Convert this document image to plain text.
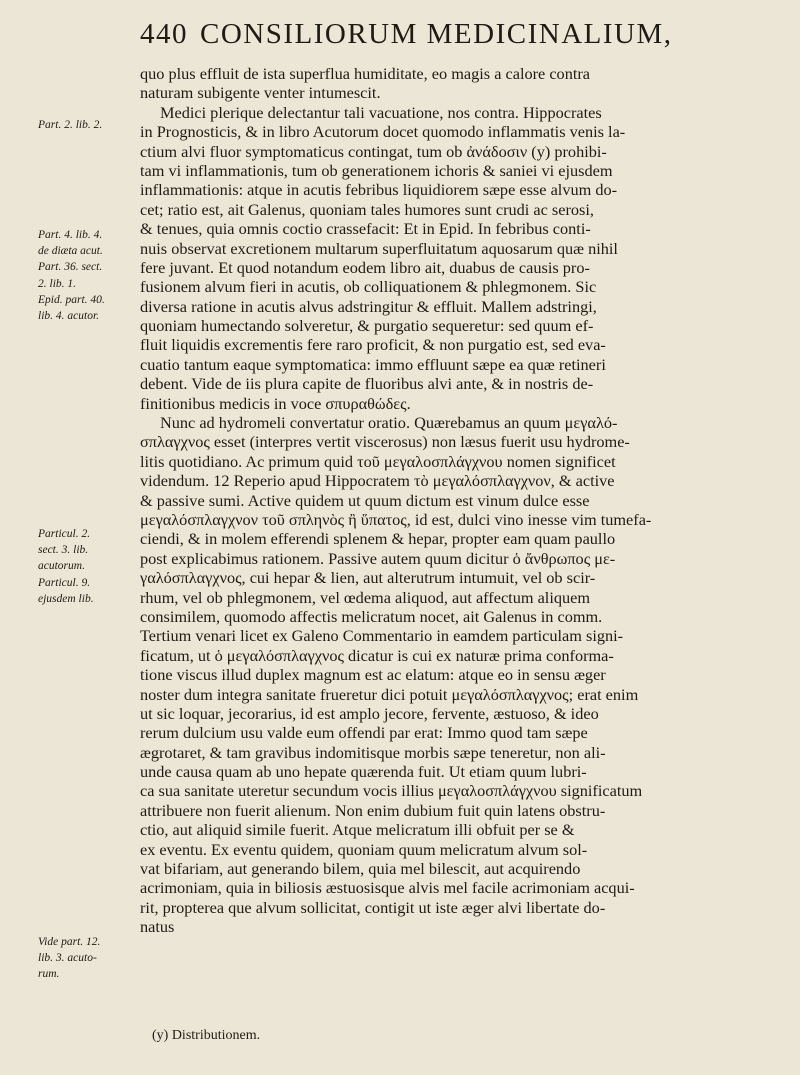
440 CONSILIORUM MEDICINALIUM,
Part. 2. lib. 2.
Part. 4. lib. 4.
de diæta acut.
Part. 36. sect.
2. lib. 1.
Epid. part. 40.
lib. 4. acutor.
Particul. 2.
sect. 3. lib.
acutorum.
Particul. 9.
ejusdem lib.
Vide part. 12.
lib. 3. acuto-
rum.
quo plus effluit de ista superflua humiditate, eo magis a calore contra
naturam subigente venter intumescit.
Medici plerique delectantur tali vacuatione, nos contra. Hippocrates
in Prognosticis, & in libro Acutorum docet quomodo inflammatis venis la-
ctium alvi fluor symptomaticus contingat, tum ob ἀνάδοσιν (y) prohibi-
tam vi inflammationis, tum ob generationem ichoris & saniei vi ejusdem
inflammationis: atque in acutis febribus liquidiorem sæpe esse alvum do-
cet; ratio est, ait Galenus, quoniam tales humores sunt crudi ac serosi,
& tenues, quia omnis coctio crassefacit: Et in Epid. In febribus conti-
nuis observat excretionem multarum superfluitatum aquosarum quæ nihil
fere juvant. Et quod notandum eodem libro ait, duabus de causis pro-
fusionem alvum fieri in acutis, ob colliquationem & phlegmonem. Sic
diversa ratione in acutis alvus adstringitur & effluit. Mallem adstringi,
quoniam humectando solveretur, & purgatio sequeretur: sed quum ef-
fluit liquidis excrementis fere raro proficit, & non purgatio est, sed eva-
cuatio tantum eaque symptomatica: immo effluunt sæpe ea quæ retineri
debent. Vide de iis plura capite de fluoribus alvi ante, & in nostris de-
finitionibus medicis in voce σπυραθώδες.
Nunc ad hydromeli convertatur oratio. Quærebamus an quum μεγαλό-
σπλαγχνος esset (interpres vertit viscerosus) non læsus fuerit usu hydrome-
litis quotidiano. Ac primum quid τοῦ μεγαλοσπλάγχνου nomen significet
videndum. 12 Reperio apud Hippocratem τὸ μεγαλόσπλαγχνον, & active
& passive sumi. Active quidem ut quum dictum est vinum dulce esse
μεγαλόσπλαγχνον τοῦ σπληνὸς ἢ ὕπατος, id est, dulci vino inesse vim tumefa-
ciendi, & in molem efferendi splenem & hepar, propter eam quam paullo
post explicabimus rationem. Passive autem quum dicitur ὁ ἄνθρωπος με-
γαλόσπλαγχνος, cui hepar & lien, aut alterutrum intumuit, vel ob scir-
rhum, vel ob phlegmonem, vel œdema aliquod, aut affectum aliquem
consimilem, quomodo affectis melicratum nocet, ait Galenus in comm.
Tertium venari licet ex Galeno Commentario in eamdem particulam signi-
ficatum, ut ὁ μεγαλόσπλαγχνος dicatur is cui ex naturæ prima conforma-
tione viscus illud duplex magnum est ac elatum: atque eo in sensu æger
noster dum integra sanitate frueretur dici potuit μεγαλόσπλαγχνος; erat enim
ut sic loquar, jecorarius, id est amplo jecore, fervente, æstuoso, & ideo
rerum dulcium usu valde eum offendi par erat: Immo quod tam sæpe
ægrotaret, & tam gravibus indomitisque morbis sæpe teneretur, non ali-
unde causa quam ab uno hepate quærenda fuit. Ut etiam quum lubri-
ca sua sanitate uteretur secundum vocis illius μεγαλοσπλάγχνου significatum
attribuere non fuerit alienum. Non enim dubium fuit quin latens obstru-
ctio, aut aliquid simile fuerit. Atque melicratum illi obfuit per se &
ex eventu. Ex eventu quidem, quoniam quum melicratum alvum sol-
vat bifariam, aut generando bilem, quia mel bilescit, aut acquirendo
acrimoniam, quia in biliosis æstuosisque alvis mel facile acrimoniam acqui-
rit, propterea que alvum sollicitat, contigit ut iste æger alvi libertate do-
natus
(y) Distributionem.
